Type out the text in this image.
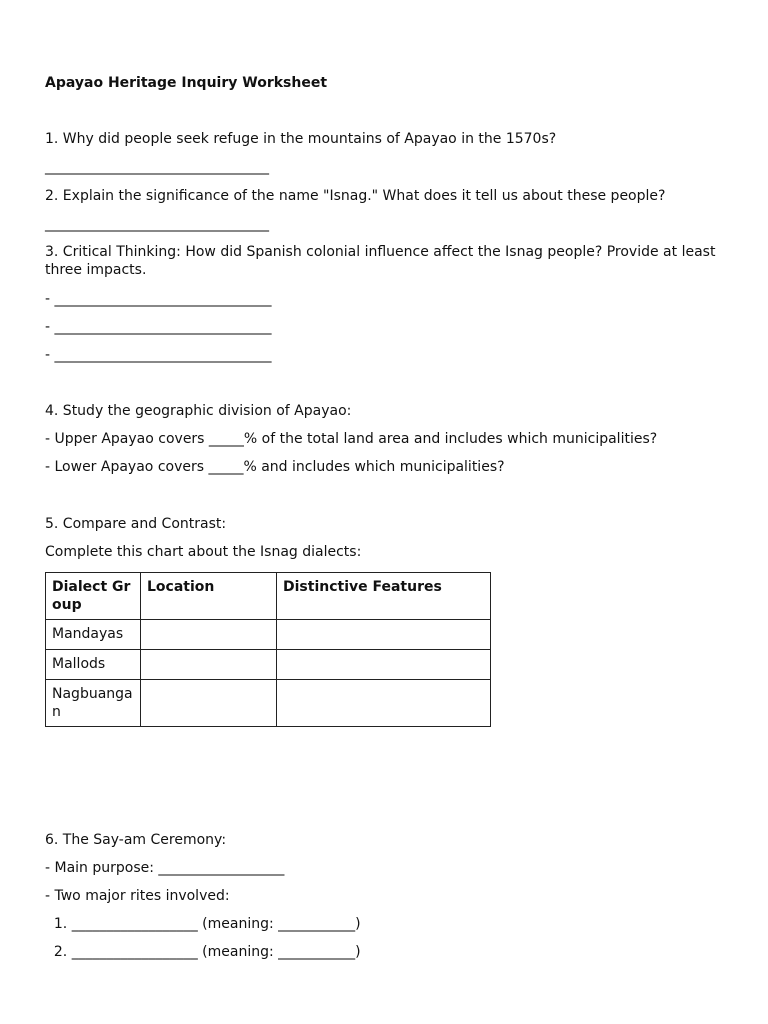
Apayao Heritage Inquiry Worksheet
1. Why did people seek refuge in the mountains of Apayao in the 1570s?
________________________________
2. Explain the significance of the name "Isnag." What does it tell us about these people?
________________________________
3. Critical Thinking: How did Spanish colonial influence affect the Isnag people? Provide at least three impacts.
- _______________________________
- _______________________________
- _______________________________
4. Study the geographic division of Apayao:
- Upper Apayao covers _____% of the total land area and includes which municipalities?
- Lower Apayao covers _____% and includes which municipalities?
5. Compare and Contrast:
Complete this chart about the Isnag dialects:
Dialect Group	Location	Distinctive Features
Mandayas		
Mallods		
Nagbuangan		
6. The Say-am Ceremony:
- Main purpose: __________________
- Two major rites involved:
1. __________________ (meaning: ___________)
2. __________________ (meaning: ___________)
